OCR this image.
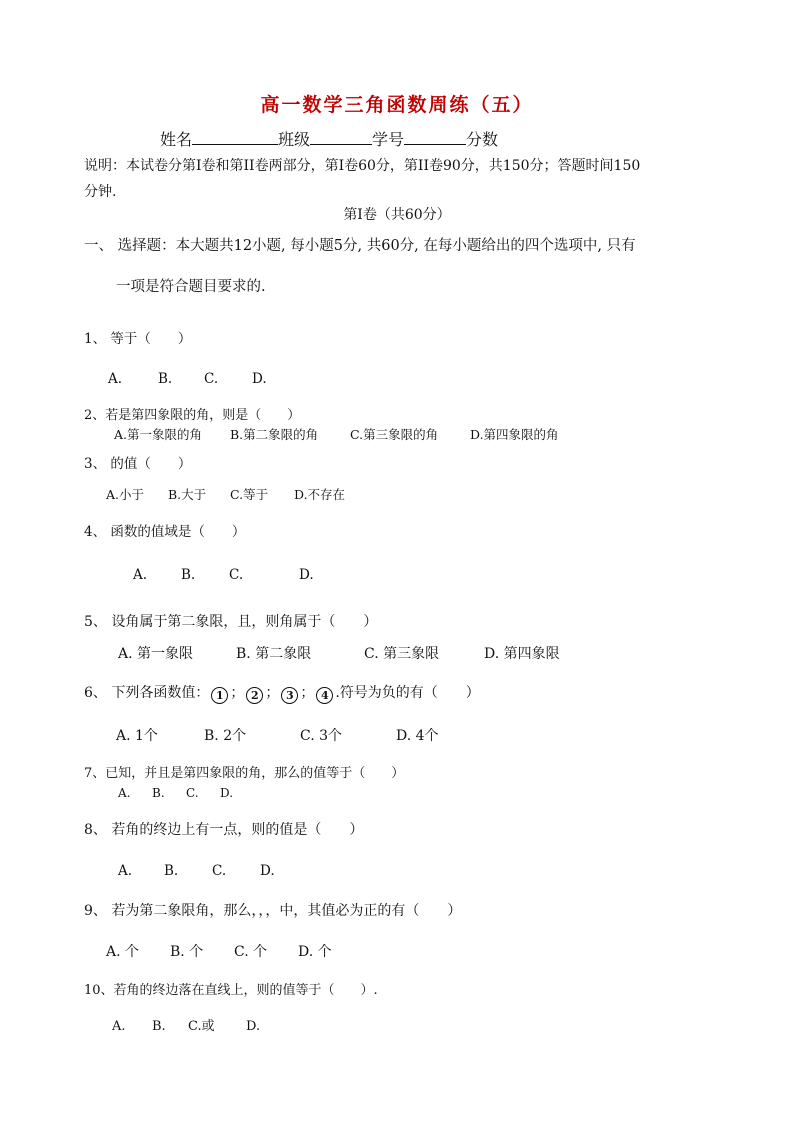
高一数学三角函数周练（五）
姓名	班级	学号	分数
说明：本试卷分第I卷和第II卷两部分，第I卷60分，第II卷90分，共150分；答题时间150
分钟.
第Ⅰ卷（共60分）
一、 选择题：本大题共12小题, 每小题5分, 共60分, 在每小题给出的四个选项中, 只有
一项是符合题目要求的.
1、 等于（　　）
A.	B. C.	D.
2、若是第四象限的角，则是（　　）
A.第一象限的角 B.第二象限的角	C.第三象限的角	D.第四象限的角
3、 的值（　　）
A.小于 B.大于 C.等于 D.不存在
4、 函数的值域是（　　）
A.	B.	C.	D.
5、 设角属于第二象限，且，则角属于（　　）
A. 第一象限	B. 第二象限	C. 第三象限	D. 第四象限
6、 下列各函数值： 1 ； 2 ； 3 ； 4 .符号为负的有（　　）
A. 1个	B. 2个	C. 3个	D. 4个
7、已知，并且是第四象限的角，那么的值等于（　　）
A. B. C. D.
8、 若角的终边上有一点，则的值是（　　）
A. B.	C.	D.
9、 若为第二象限角，那么，，，中，其值必为正的有（　　）
A. 个 B. 个 C. 个 D. 个
10、若角的终边落在直线上，则的值等于（　　）.
A. B. C.或 D.
